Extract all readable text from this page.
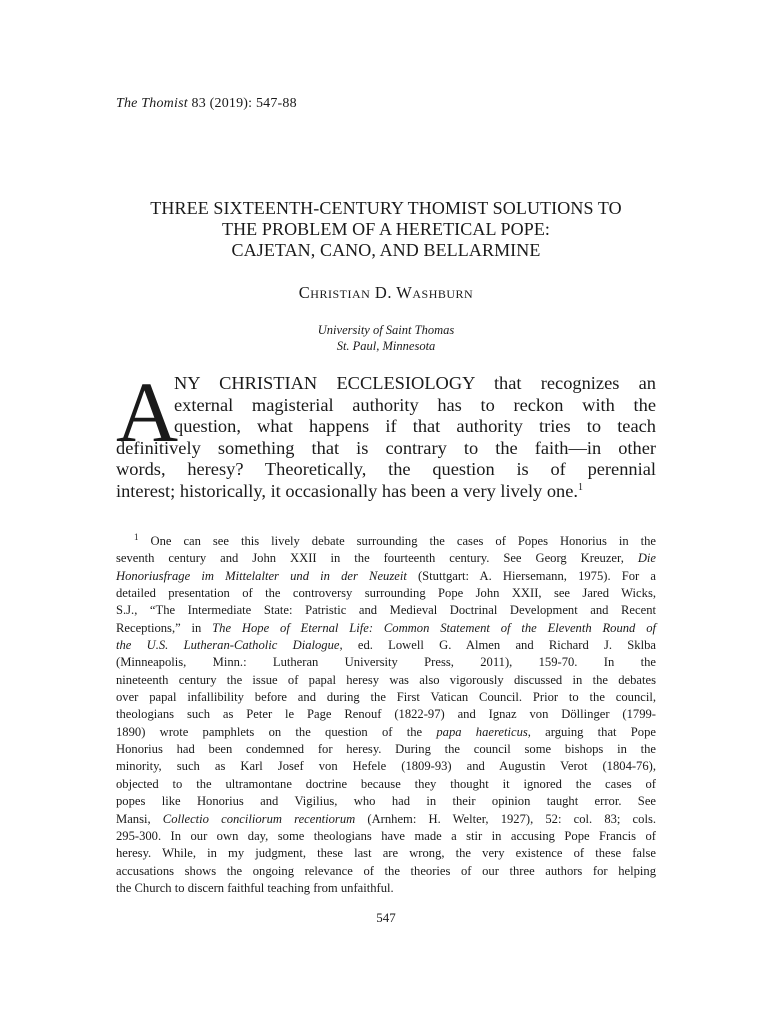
The Thomist 83 (2019): 547-88
THREE SIXTEENTH-CENTURY THOMIST SOLUTIONS TO
THE PROBLEM OF A HERETICAL POPE:
CAJETAN, CANO, AND BELLARMINE
Christian D. Washburn
University of Saint Thomas
St. Paul, Minnesota
A
NY CHRISTIAN ECCLESIOLOGY that recognizes an
external magisterial authority has to reckon with the
question, what happens if that authority tries to teach
definitively something that is contrary to the faith—in other
words, heresy? Theoretically, the question is of perennial
interest; historically, it occasionally has been a very lively one.$^1$
$^1$ One can see this lively debate surrounding the cases of Popes Honorius in the
seventh century and John XXII in the fourteenth century. See Georg Kreuzer, Die
Honoriusfrage im Mittelalter und in der Neuzeit (Stuttgart: A. Hiersemann, 1975). For a
detailed presentation of the controversy surrounding Pope John XXII, see Jared Wicks,
S.J., “The Intermediate State: Patristic and Medieval Doctrinal Development and Recent
Receptions,” in The Hope of Eternal Life: Common Statement of the Eleventh Round of
the U.S. Lutheran-Catholic Dialogue, ed. Lowell G. Almen and Richard J. Sklba
(Minneapolis, Minn.: Lutheran University Press, 2011), 159-70. In the
nineteenth century the issue of papal heresy was also vigorously discussed in the debates
over papal infallibility before and during the First Vatican Council. Prior to the council,
theologians such as Peter le Page Renouf (1822-97) and Ignaz von Döllinger (1799-
1890) wrote pamphlets on the question of the papa haereticus, arguing that Pope
Honorius had been condemned for heresy. During the council some bishops in the
minority, such as Karl Josef von Hefele (1809-93) and Augustin Verot (1804-76),
objected to the ultramontane doctrine because they thought it ignored the cases of
popes like Honorius and Vigilius, who had in their opinion taught error. See
Mansi, Collectio conciliorum recentiorum (Arnhem: H. Welter, 1927), 52: col. 83; cols.
295-300. In our own day, some theologians have made a stir in accusing Pope Francis of
heresy. While, in my judgment, these last are wrong, the very existence of these false
accusations shows the ongoing relevance of the theories of our three authors for helping
the Church to discern faithful teaching from unfaithful.
547
